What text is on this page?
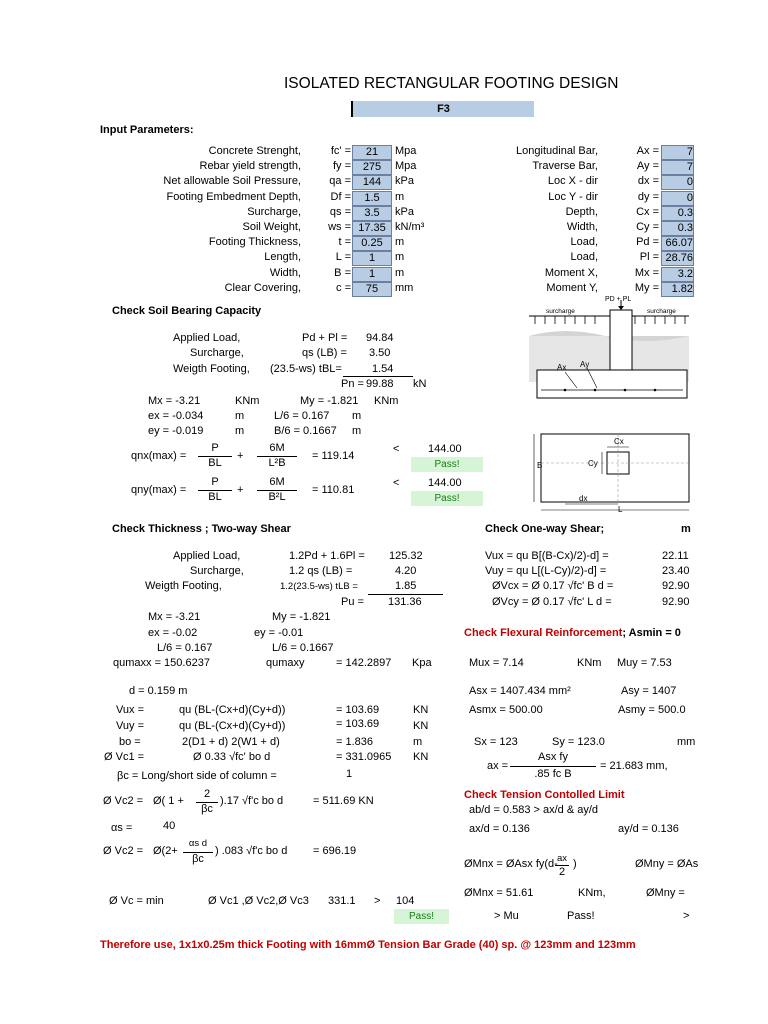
ISOLATED RECTANGULAR FOOTING DESIGN
F3
Input Parameters:
Concrete Strenght,	fc' =	21	Mpa
Rebar yield strength,	fy =	275	Mpa
Net allowable Soil Pressure,	qa =	144	kPa
Footing Embedment Depth,	Df =	1.5	m
Surcharge,	qs =	3.5	kPa
Soil Weight,	ws = 17.35 kN/m³
Footing Thickness,	t = 0.25	m
Length,	L =	1	m
Width,	B =	1	m
Clear Covering,	c =	75	mm
Longitudinal Bar,	Ax =	7
Traverse Bar,	Ay =	7
Loc X - dir	dx =	0
Loc Y - dir	dy =	0
Depth,	Cx =	0.3
Width,	Cy =	0.3
Load,	Pd = 66.07
Load,	Pl = 28.76
Moment X,	Mx =	3.2
Moment Y,	My =	1.82
Check Soil Bearing Capacity
Applied Load,	Pd + Pl = 94.84
Surcharge,	qs (LB) = 3.50
Weigth Footing, (23.5-ws) tBL=	1.54
Pn = 99.88 kN
Mx = -3.21	KNm	My = -1.821 KNm
ex = -0.034	m	L/6 = 0.167 m
ey = -0.019	m	B/6 = 0.1667 m
qnx(max) =
P
BL
+
6M
L²B
= 119.14
<	144.00
Pass!
qny(max) =
P
BL
+
6M
B²L
= 110.81
<	144.00
Pass!
PD + PL
surcharge	surcharge
Ax Ay
Cx
Cy
B
dx
L
Check Thickness ; Two-way Shear
Applied Load,	1.2Pd + 1.6Pl = 125.32
Surcharge,	1.2 qs (LB) =	4.20
Weigth Footing,	1.2(23.5-ws) tLB =	1.85
Pu = 131.36
Mx = -3.21	My = -1.821
ex = -0.02	ey = -0.01
L/6 = 0.167	L/6 = 0.1667
qumaxx = 150.6237	qumaxy	= 142.2897 Kpa
d = 0.159 m
Vux =	qu (BL-(Cx+d)(Cy+d))	= 103.69	KN
Vuy =	qu (BL-(Cx+d)(Cy+d))	= 103.69	KN
bo =	2(D1 + d) 2(W1 + d)	= 1.836	m
Ø Vc1 =	Ø 0.33 √fc' bo d	= 331.0965 KN
βc = Long/short side of column =	1
Ø Vc2 = Ø( 1 +
2
βc
).17 √f'c bo d	= 511.69 KN
αs =	40
Ø Vc2 = Ø(2+
αs d
βc
) .083 √f'c bo d = 696.19
Ø Vc = min	Ø Vc1 ,Ø Vc2,Ø Vc3 331.1 > 104
Pass!
Check One-way Shear;	m
Vux = qu B[(B-Cx)/2)-d] =	22.11
Vuy = qu L[(L-Cy)/2)-d] =	23.40
ØVcx = Ø 0.17 √fc' B d =	92.90
ØVcy = Ø 0.17 √fc' L d =	92.90
Check Flexural Reinforcement; Asmin = 0
Mux = 7.14	KNm Muy = 7.53
Asx = 1407.434 mm²	Asy = 1407
Asmx = 500.00	Asmy = 500.0
Sx = 123	Sy = 123.0	mm
ax =
Asx fy
.85 fc B
= 21.683 mm,
Check Tension Contolled Limit
ab/d = 0.583 > ax/d & ay/d
ax/d = 0.136	ay/d = 0.136
ØMnx = ØAsx fy(d- ax
2
)	ØMny = ØAs
ØMnx = 51.61	KNm,	ØMny =
> Mu	Pass!	>
Therefore use, 1x1x0.25m thick Footing with 16mmØ Tension Bar Grade (40) sp. @ 123mm and 123mm
